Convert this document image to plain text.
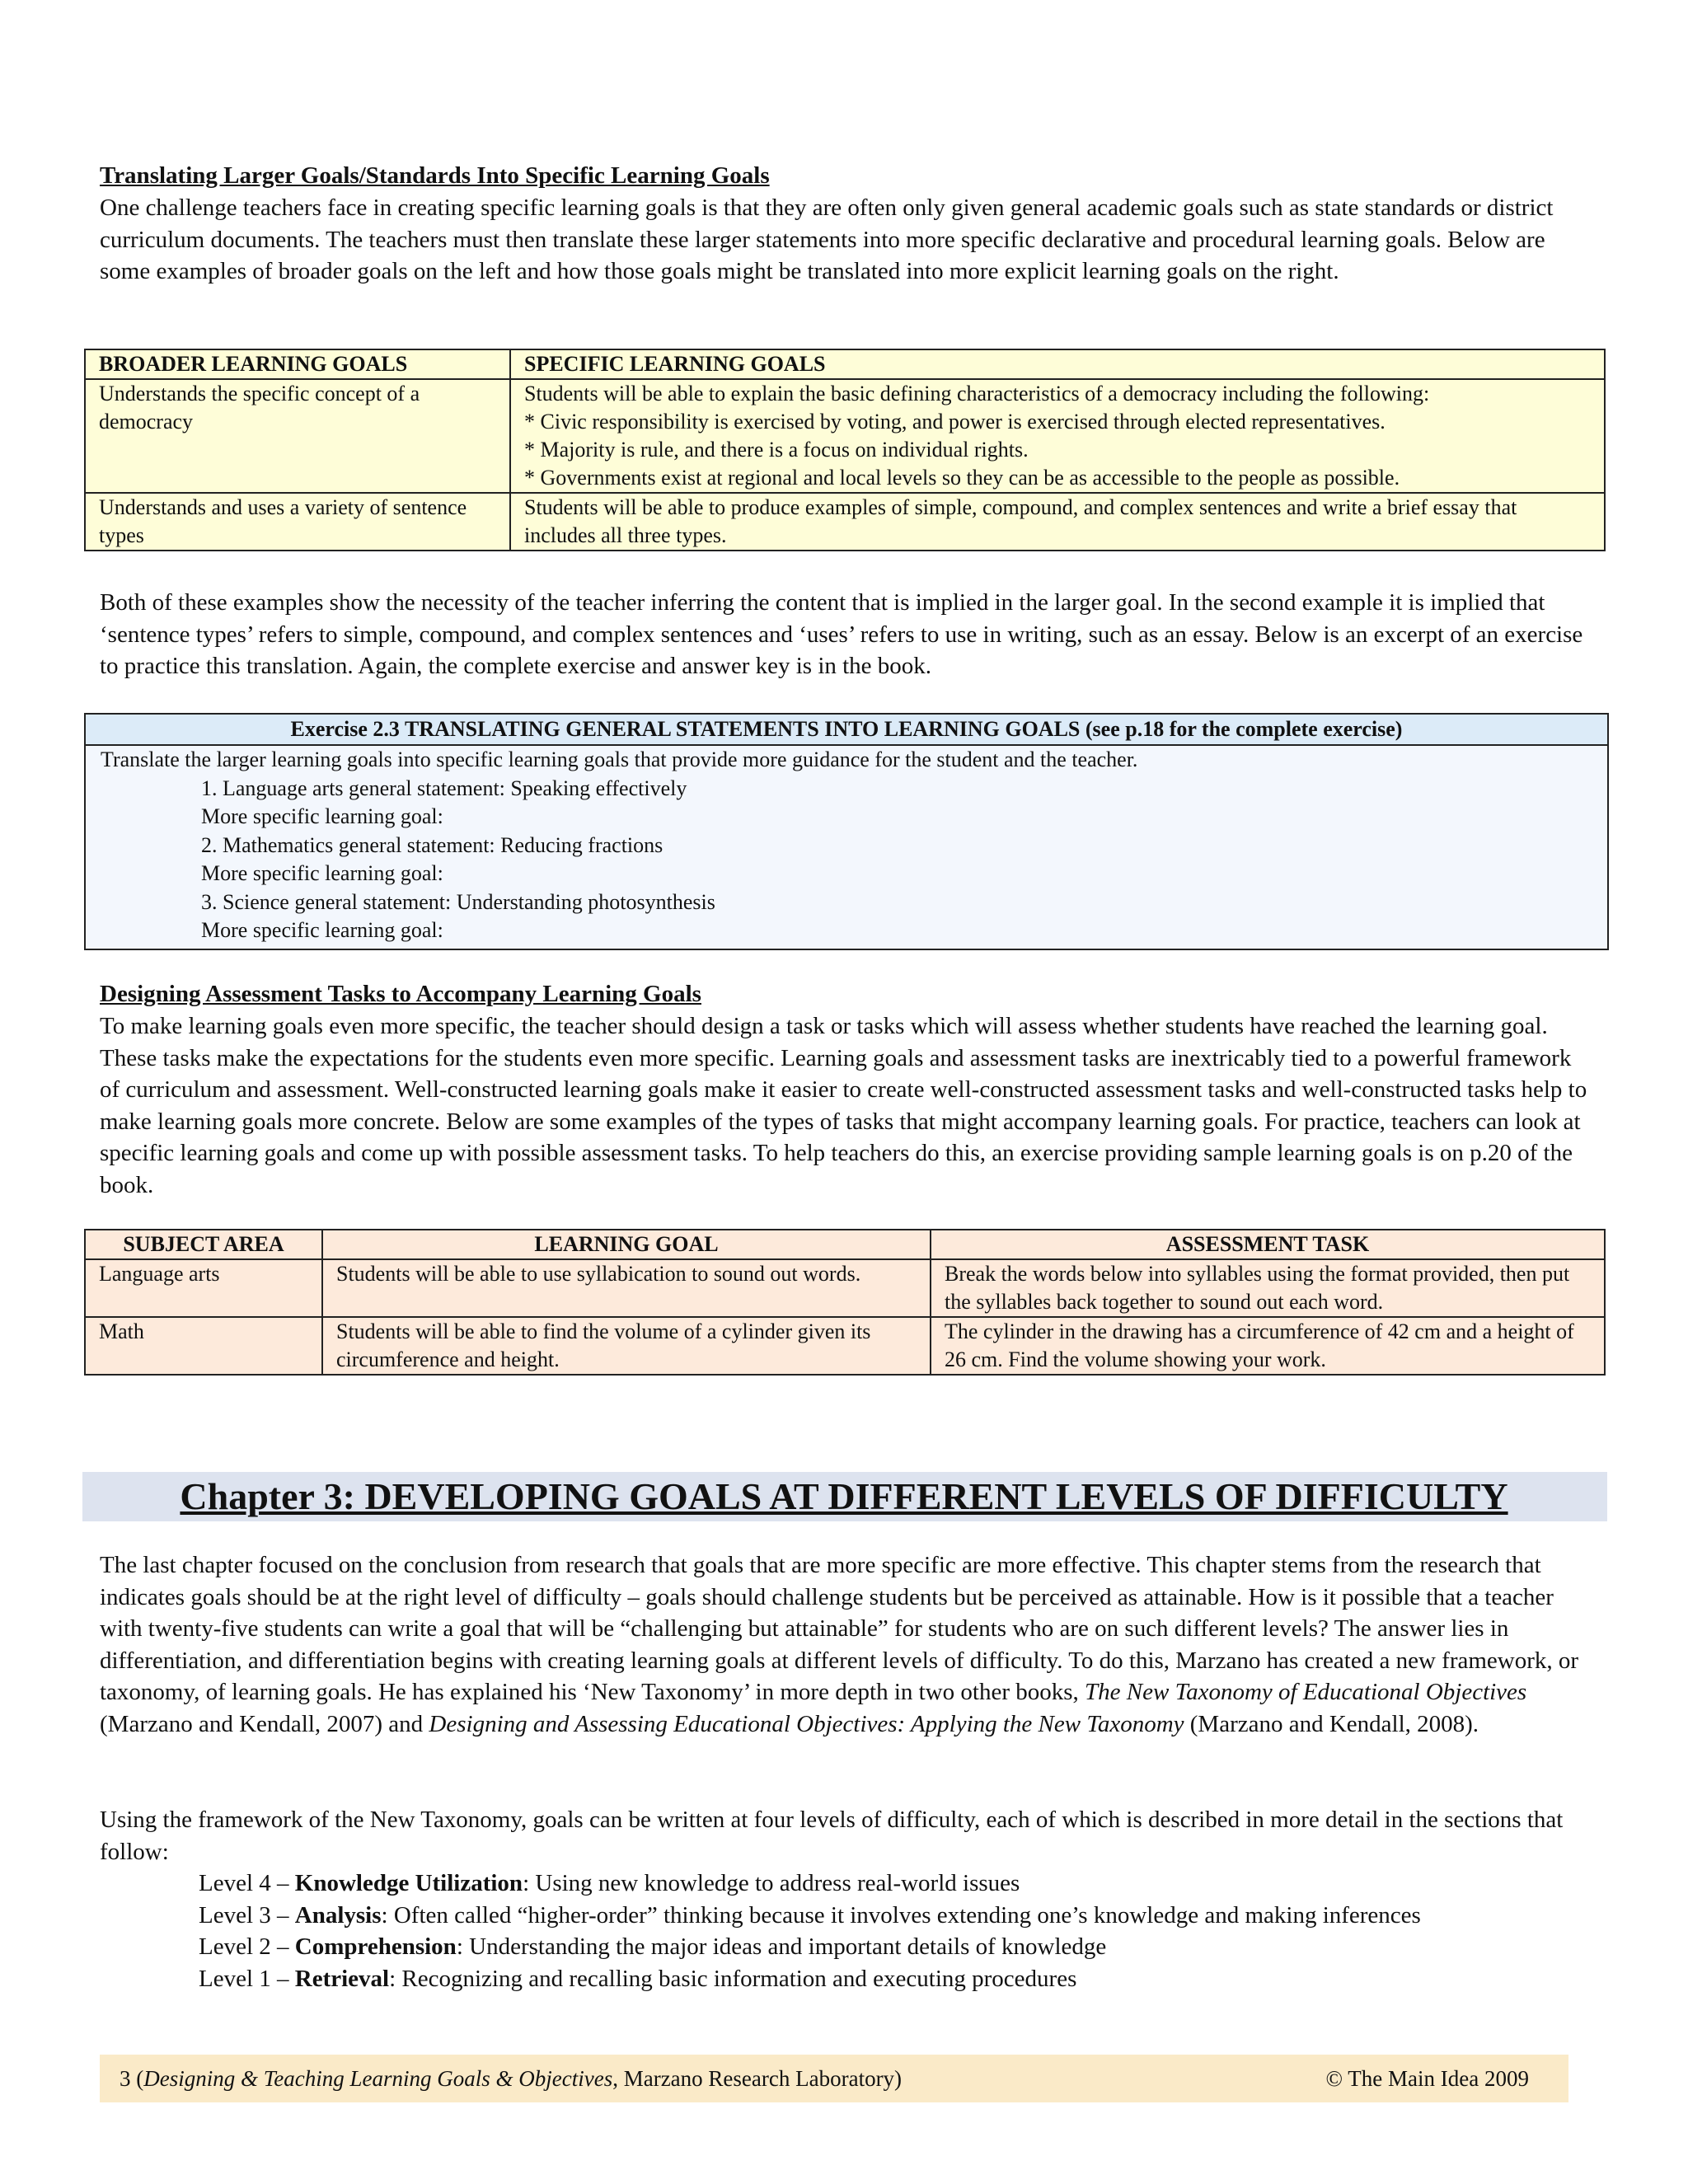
Translating Larger Goals/Standards Into Specific Learning Goals
One challenge teachers face in creating specific learning goals is that they are often only given general academic goals such as state standards or district curriculum documents. The teachers must then translate these larger statements into more specific declarative and procedural learning goals. Below are some examples of broader goals on the left and how those goals might be translated into more explicit learning goals on the right.
BROADER LEARNING GOALS	SPECIFIC LEARNING GOALS
Understands the specific concept of a democracy	Students will be able to explain the basic defining characteristics of a democracy including the following:
* Civic responsibility is exercised by voting, and power is exercised through elected representatives.
* Majority is rule, and there is a focus on individual rights.
* Governments exist at regional and local levels so they can be as accessible to the people as possible.

Understands and uses a variety of sentence types	Students will be able to produce examples of simple, compound, and complex sentences and write a brief essay that includes all three types.
Both of these examples show the necessity of the teacher inferring the content that is implied in the larger goal. In the second example it is implied that ‘sentence types’ refers to simple, compound, and complex sentences and ‘uses’ refers to use in writing, such as an essay. Below is an excerpt of an exercise to practice this translation. Again, the complete exercise and answer key is in the book.
Exercise 2.3 TRANSLATING GENERAL STATEMENTS INTO LEARNING GOALS (see p.18 for the complete exercise)
Translate the larger learning goals into specific learning goals that provide more guidance for the student and the teacher.
1. Language arts general statement: Speaking effectively
More specific learning goal:
2. Mathematics general statement: Reducing fractions
More specific learning goal:
3. Science general statement: Understanding photosynthesis
More specific learning goal:
Designing Assessment Tasks to Accompany Learning Goals
To make learning goals even more specific, the teacher should design a task or tasks which will assess whether students have reached the learning goal. These tasks make the expectations for the students even more specific. Learning goals and assessment tasks are inextricably tied to a powerful framework of curriculum and assessment. Well-constructed learning goals make it easier to create well-constructed assessment tasks and well-constructed tasks help to make learning goals more concrete. Below are some examples of the types of tasks that might accompany learning goals. For practice, teachers can look at specific learning goals and come up with possible assessment tasks. To help teachers do this, an exercise providing sample learning goals is on p.20 of the book.
SUBJECT AREA	LEARNING GOAL	ASSESSMENT TASK
Language arts	Students will be able to use syllabication to sound out words.	Break the words below into syllables using the format provided, then put the syllables back together to sound out each word.
Math	Students will be able to find the volume of a cylinder given its circumference and height.	The cylinder in the drawing has a circumference of 42 cm and a height of 26 cm. Find the volume showing your work.
Chapter 3: DEVELOPING GOALS AT DIFFERENT LEVELS OF DIFFICULTY
The last chapter focused on the conclusion from research that goals that are more specific are more effective. This chapter stems from the research that indicates goals should be at the right level of difficulty – goals should challenge students but be perceived as attainable. How is it possible that a teacher with twenty-five students can write a goal that will be “challenging but attainable” for students who are on such different levels? The answer lies in differentiation, and differentiation begins with creating learning goals at different levels of difficulty. To do this, Marzano has created a new framework, or taxonomy, of learning goals. He has explained his ‘New Taxonomy’ in more depth in two other books, The New Taxonomy of Educational Objectives (Marzano and Kendall, 2007) and Designing and Assessing Educational Objectives: Applying the New Taxonomy (Marzano and Kendall, 2008).
Using the framework of the New Taxonomy, goals can be written at four levels of difficulty, each of which is described in more detail in the sections that follow:
Level 4 – Knowledge Utilization: Using new knowledge to address real-world issues
Level 3 – Analysis: Often called “higher-order” thinking because it involves extending one’s knowledge and making inferences
Level 2 – Comprehension: Understanding the major ideas and important details of knowledge
Level 1 – Retrieval: Recognizing and recalling basic information and executing procedures
3 (Designing & Teaching Learning Goals & Objectives, Marzano Research Laboratory)	© The Main Idea 2009
